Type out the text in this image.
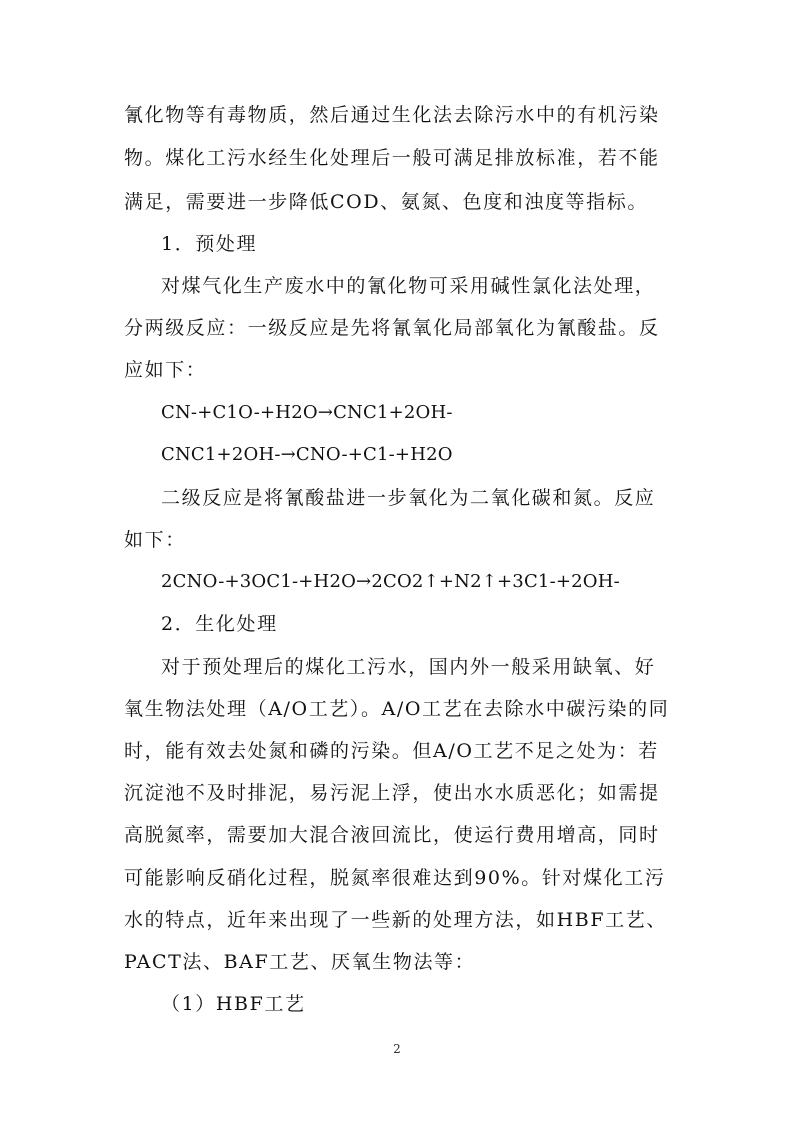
氰化物等有毒物质，然后通过生化法去除污水中的有机污染
物。煤化工污水经生化处理后一般可满足排放标准，若不能
满足，需要进一步降低COD、氨氮、色度和浊度等指标。
1．预处理
对煤气化生产废水中的氰化物可采用碱性氯化法处理，
分两级反应：一级反应是先将氰氧化局部氧化为氰酸盐。反
应如下：
CN-+C1O-+H2O→CNC1+2OH-
CNC1+2OH-→CNO-+C1-+H2O
二级反应是将氰酸盐进一步氧化为二氧化碳和氮。反应
如下：
2CNO-+3OC1-+H2O→2CO2↑+N2↑+3C1-+2OH-
2．生化处理
对于预处理后的煤化工污水，国内外一般采用缺氧、好
氧生物法处理（A/O工艺）。A/O工艺在去除水中碳污染的同
时，能有效去处氮和磷的污染。但A/O工艺不足之处为：若
沉淀池不及时排泥，易污泥上浮，使出水水质恶化；如需提
高脱氮率，需要加大混合液回流比，使运行费用增高，同时
可能影响反硝化过程，脱氮率很难达到90%。针对煤化工污
水的特点，近年来出现了一些新的处理方法，如HBF工艺、
PACT法、BAF工艺、厌氧生物法等：
（1）HBF工艺
2
